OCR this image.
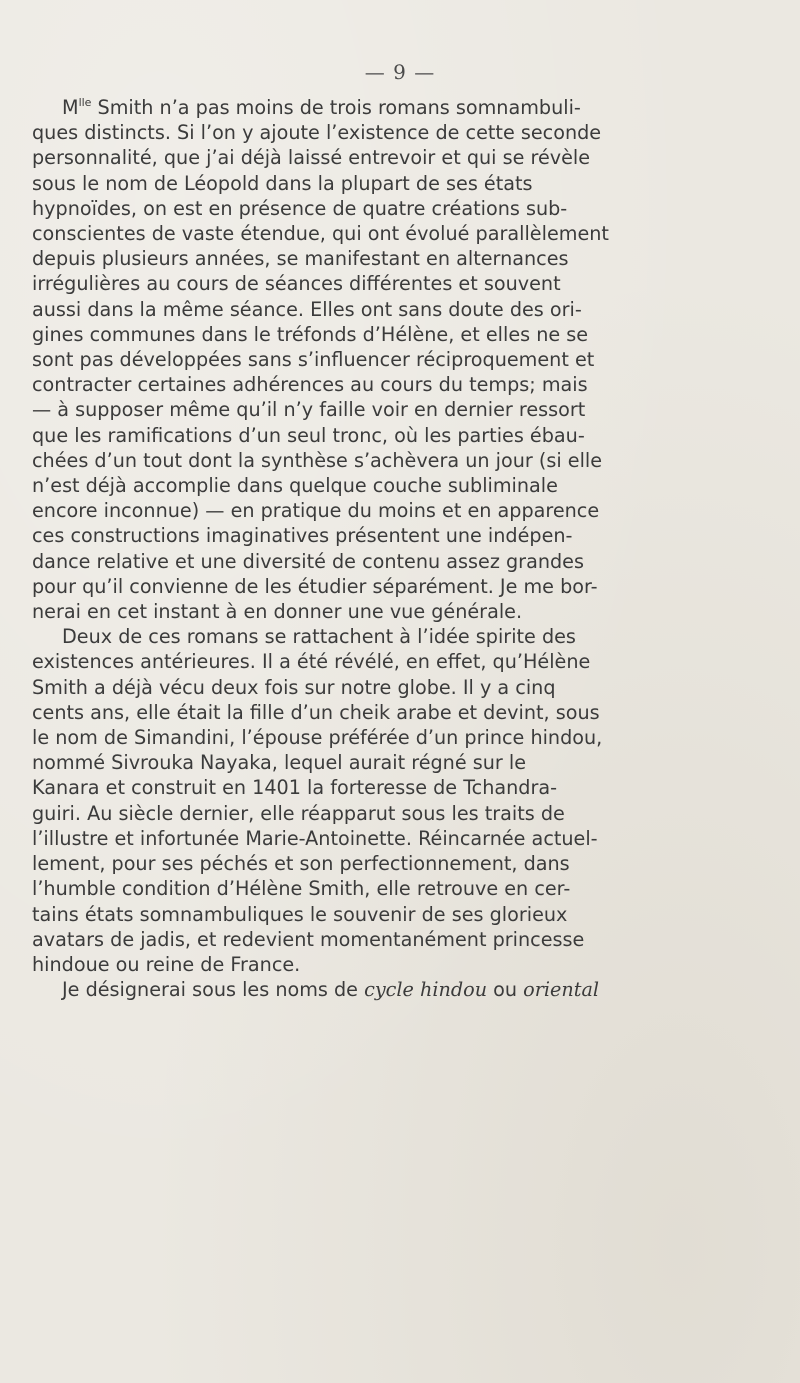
— 9 —
$M^{lle}$ Smith n’a pas moins de trois romans somnambuli-
ques distincts. Si l’on y ajoute l’existence de cette seconde
personnalité, que j’ai déjà laissé entrevoir et qui se révèle
sous le nom de Léopold dans la plupart de ses états
hypnoïdes, on est en présence de quatre créations sub-
conscientes de vaste étendue, qui ont évolué parallèlement
depuis plusieurs années, se manifestant en alternances
irrégulières au cours de séances différentes et souvent
aussi dans la même séance. Elles ont sans doute des ori-
gines communes dans le tréfonds d’Hélène, et elles ne se
sont pas développées sans s’influencer réciproquement et
contracter certaines adhérences au cours du temps; mais
— à supposer même qu’il n’y faille voir en dernier ressort
que les ramifications d’un seul tronc, où les parties ébau-
chées d’un tout dont la synthèse s’achèvera un jour (si elle
n’est déjà accomplie dans quelque couche subliminale
encore inconnue) — en pratique du moins et en apparence
ces constructions imaginatives présentent une indépen-
dance relative et une diversité de contenu assez grandes
pour qu’il convienne de les étudier séparément. Je me bor-
nerai en cet instant à en donner une vue générale.
Deux de ces romans se rattachent à l’idée spirite des
existences antérieures. Il a été révélé, en effet, qu’Hélène
Smith a déjà vécu deux fois sur notre globe. Il y a cinq
cents ans, elle était la fille d’un cheik arabe et devint, sous
le nom de Simandini, l’épouse préférée d’un prince hindou,
nommé Sivrouka Nayaka, lequel aurait régné sur le
Kanara et construit en 1401 la forteresse de Tchandra-
guiri. Au siècle dernier, elle réapparut sous les traits de
l’illustre et infortunée Marie-Antoinette. Réincarnée actuel-
lement, pour ses péchés et son perfectionnement, dans
l’humble condition d’Hélène Smith, elle retrouve en cer-
tains états somnambuliques le souvenir de ses glorieux
avatars de jadis, et redevient momentanément princesse
hindoue ou reine de France.
Je désignerai sous les noms de cycle hindou ou oriental
